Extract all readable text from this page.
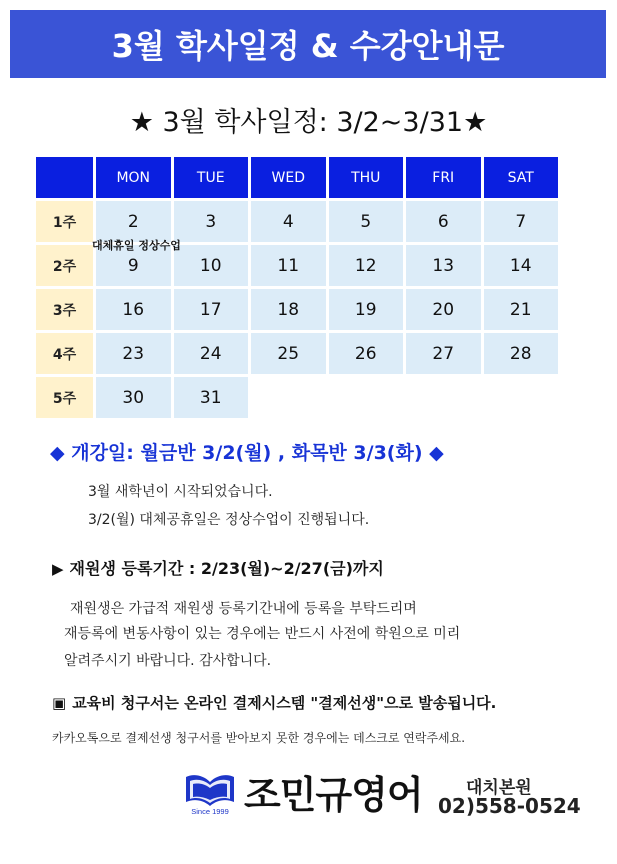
3월 학사일정 & 수강안내문
★ 3월 학사일정: 3/2~3/31★
MON	TUE	WED	THU	FRI	SAT
1주	2	3	4	5	6	7
2주	9	10	11	12	13	14
3주	16	17	18	19	20	21
4주	23	24	25	26	27	28
5주	30	31
대체휴일 정상수업
◆ 개강일: 월금반 3/2(월) , 화목반 3/3(화) ◆
3월 새학년이 시작되었습니다.
3/2(월) 대체공휴일은 정상수업이 진행됩니다.
▶ 재원생 등록기간 : 2/23(월)~2/27(금)까지
재원생은 가급적 재원생 등록기간내에 등록을 부탁드리며
재등록에 변동사항이 있는 경우에는 반드시 사전에 학원으로 미리
알려주시기 바랍니다. 감사합니다.
▣ 교육비 청구서는 온라인 결제시스템 "결제선생"으로 발송됩니다.
카카오톡으로 결제선생 청구서를 받아보지 못한 경우에는 데스크로 연락주세요.
Since 1999 조민규영어	대치본원
02)558-0524
